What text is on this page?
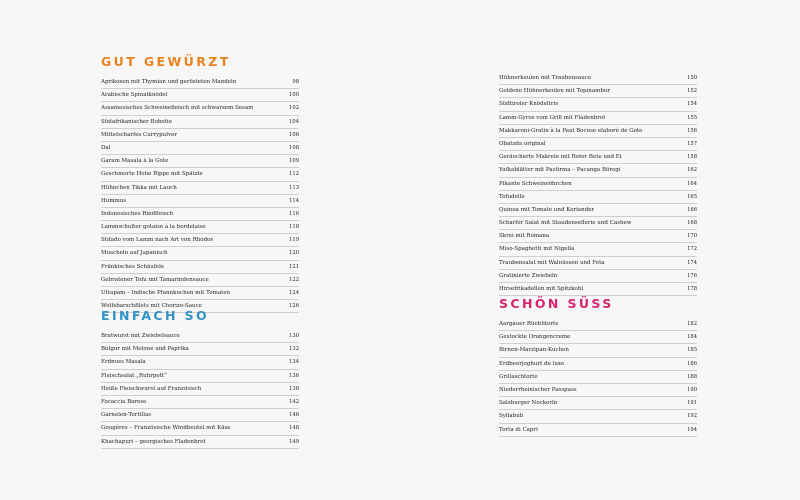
GUT GEWÜRZT
Aprikosen mit Thymian und gerösteten Mandeln	98
Arabische Spinatknödel	100
Assamesisches Schweinefleisch mit schwarzem Sesam	102
Südafrikanischer Bobotie	104
Mittelscharfes Currypulver	106
Dal	108
Garam Masala à la Gote	109
Geschmorte Hohe Rippe mit Spätzle	112
Hühnchen Tikka mit Lauch	113
Hummus	114
Indonesisches Rindfleisch	116
Lammschulter gotaise à la bordelaise	118
Stifado vom Lamm nach Art von Rhodos	119
Muscheln auf Japanisch	120
Fränkisches Schäufele	121
Gebratener Tofu mit Tamarindensauce	122
Uttapam – Indische Pfannkuchen mit Tomaten	124
Wolfsbarschfilets mit Chorizo-Sauce	126
EINFACH SO
Bratwurst mit Zwiebelsauce	130
Bulgur mit Melone und Paprika	132
Erdnuss Masala	134
Fleischsalat „Ruhrpott“	136
Heiße Fleischwurst auf Französisch	138
Focaccia Barese	142
Garnelen-Tortillas	146
Gougères – Französische Windbeutel mit Käse	148
Khachapuri – georgisches Fladenbrot	149
Hühnerkeulen mit Traubensauce	150
Goldene Hühnerkeulen mit Topinambur	152
Südtiroler Knödeltris	154
Lamm-Gyros vom Grill mit Fladenbrot	155
Makkaroni-Gratin à la Paul Bocuse elaboré de Gote	156
Obatzda original	157
Geräucherte Makrele mit Roter Bete und Ei	158
Yufkablätter mit Pastirma – Pacanga Böregi	162
Pikante Schweineöhrchen	164
Tofudelle	165
Quinoa mit Tomate und Koriander	166
Scharfer Salat mit Staudensellerie und Cashew	168
Skrei mit Romana	170
Miso-Spaghetti mit Nigella	172
Traubensalat mit Walnüssen und Feta	174
Gratinierte Zwiebeln	176
Hirsefrikadellen mit Spitzkohl	178
SCHÖN SÜSS
Aargauer Rüeblitorte	182
Gestockte Orangencreme	184
Birnen-Marzipan-Kuchen	185
Erdbeerjoghurt de luxe	186
Grillaschtorte	188
Niederrheinischer Passpass	190
Salzburger Nockerln	191
Syllabub	192
Torta di Capri	194
